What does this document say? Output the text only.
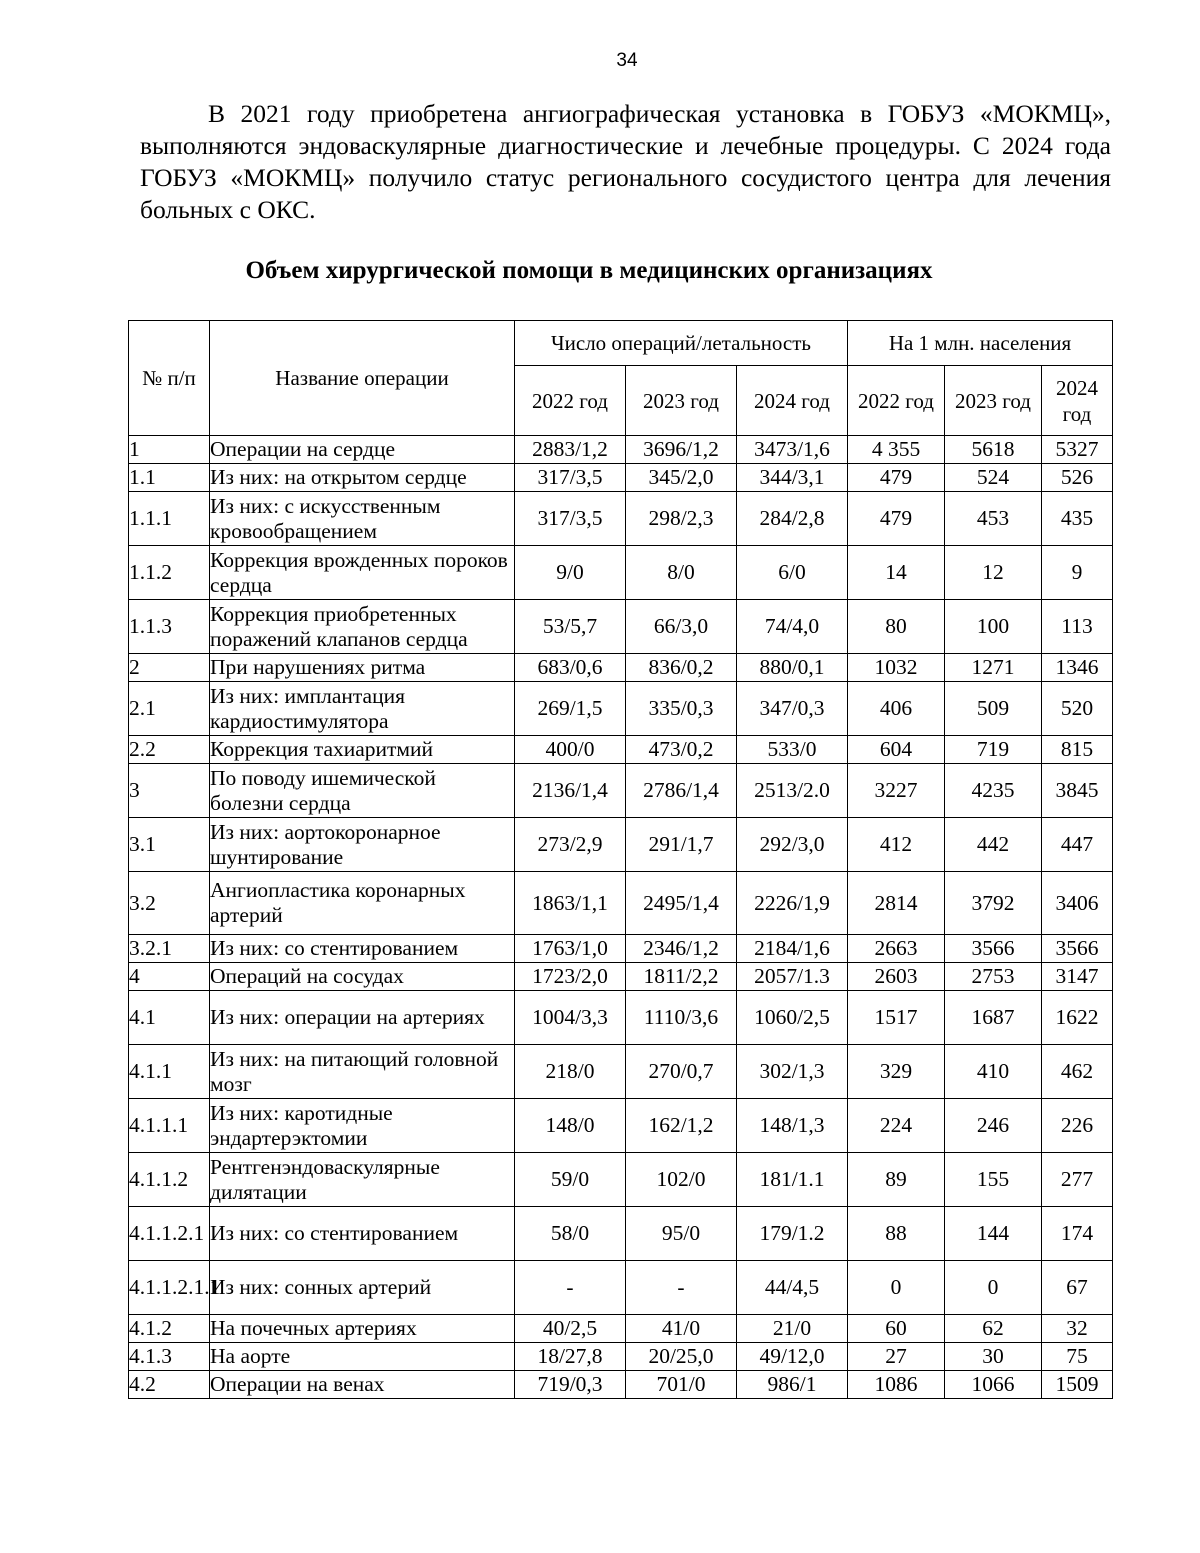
34

В 2021 году приобретена ангиографическая установка в ГОБУЗ «МОКМЦ», выполняются эндоваскулярные диагностические и лечебные процедуры. С 2024 года ГОБУЗ «МОКМЦ» получило статус регионального сосудистого центра для лечения больных с ОКС.

Объем хирургической помощи в медицинских организациях
№ п/п	Название операции	Число операций/летальность			На 1 млн. населения		
		2022 год	2023 год	2024 год	2022 год	2023 год	2024 год
1	Операции на сердце	2883/1,2	3696/1,2	3473/1,6	4 355	5618	5327
1.1	Из них: на открытом сердце	317/3,5	345/2,0	344/3,1	479	524	526
1.1.1	Из них: с искусственным кровообращением	317/3,5	298/2,3	284/2,8	479	453	435
1.1.2	Коррекция врожденных пороков сердца	9/0	8/0	6/0	14	12	9
1.1.3	Коррекция приобретенных поражений клапанов сердца	53/5,7	66/3,0	74/4,0	80	100	113
2	При нарушениях ритма	683/0,6	836/0,2	880/0,1	1032	1271	1346
2.1	Из них: имплантация кардиостимулятора	269/1,5	335/0,3	347/0,3	406	509	520
2.2	Коррекция тахиаритмий	400/0	473/0,2	533/0	604	719	815
3	По поводу ишемической болезни сердца	2136/1,4	2786/1,4	2513/2.0	3227	4235	3845
3.1	Из них: аортокоронарное шунтирование	273/2,9	291/1,7	292/3,0	412	442	447
3.2	Ангиопластика коронарных артерий	1863/1,1	2495/1,4	2226/1,9	2814	3792	3406
3.2.1	Из них: со стентированием	1763/1,0	2346/1,2	2184/1,6	2663	3566	3566
4	Операций на сосудах	1723/2,0	1811/2,2	2057/1.3	2603	2753	3147
4.1	Из них: операции на артериях	1004/3,3	1110/3,6	1060/2,5	1517	1687	1622
4.1.1	Из них: на питающий головной мозг	218/0	270/0,7	302/1,3	329	410	462
4.1.1.1	Из них: каротидные эндартерэктомии	148/0	162/1,2	148/1,3	224	246	226
4.1.1.2	Рентгенэндоваскулярные дилятации	59/0	102/0	181/1.1	89	155	277
4.1.1.2.1	Из них: со стентированием	58/0	95/0	179/1.2	88	144	174
4.1.1.2.1.1	Из них: сонных артерий	-	-	44/4,5	0	0	67
4.1.2	На почечных артериях	40/2,5	41/0	21/0	60	62	32
4.1.3	На аорте	18/27,8	20/25,0	49/12,0	27	30	75
4.2	Операции на венах	719/0,3	701/0	986/1	1086	1066	1509
